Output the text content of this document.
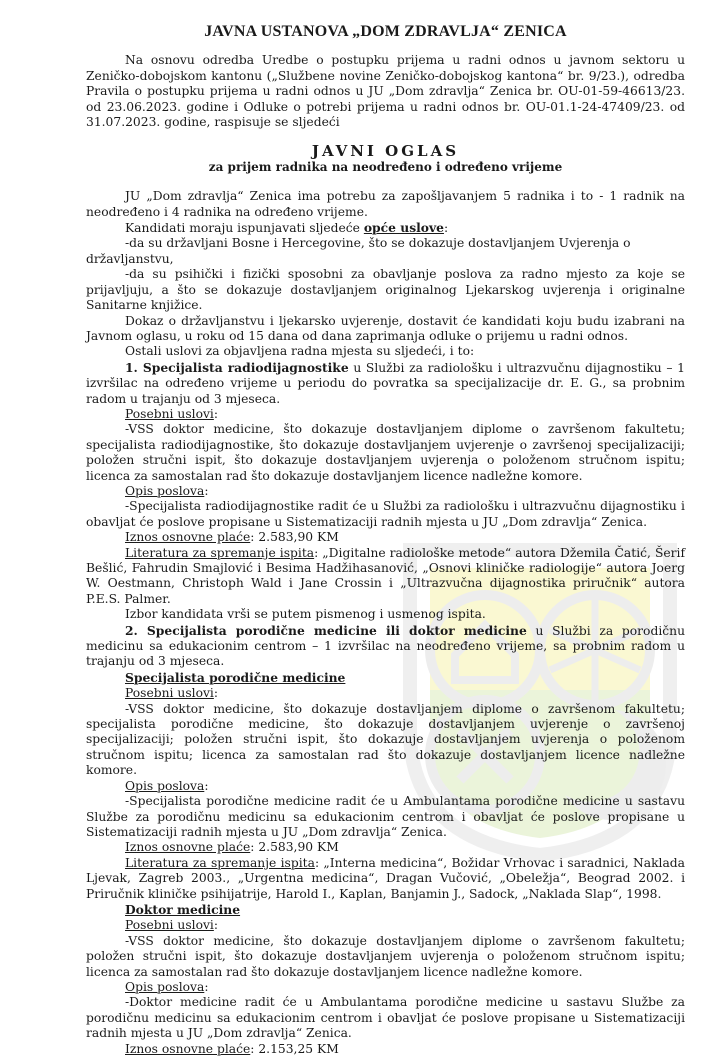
JAVNA USTANOVA „DOM ZDRAVLJA“ ZENICA

Na osnovu odredba Uredbe o postupku prijema u radni odnos u javnom sektoru u Zeničko-dobojskom kantonu („Službene novine Zeničko-dobojskog kantona“ br. 9/23.), odredba Pravila o postupku prijema u radni odnos u JU „Dom zdravlja“ Zenica br. OU-01-59-46613/23. od 23.06.2023. godine i Odluke o potrebi prijema u radni odnos br. OU-01.1-24-47409/23. od 31.07.2023. godine, raspisuje se sljedeći

JAVNI OGLAS
za prijem radnika na neodređeno i određeno vrijeme

JU „Dom zdravlja“ Zenica ima potrebu za zapošljavanjem 5 radnika i to - 1 radnik na neodređeno i 4 radnika na određeno vrijeme.

Kandidati moraju ispunjavati sljedeće opće uslove:

-da su državljani Bosne i Hercegovine, što se dokazuje dostavljanjem Uvjerenja o državljanstvu,

-da su psihički i fizički sposobni za obavljanje poslova za radno mjesto za koje se prijavljuju, a što se dokazuje dostavljanjem originalnog Ljekarskog uvjerenja i originalne Sanitarne knjižice.

Dokaz o državljanstvu i ljekarsko uvjerenje, dostavit će kandidati koju budu izabrani na Javnom oglasu, u roku od 15 dana od dana zaprimanja odluke o prijemu u radni odnos.

Ostali uslovi za objavljena radna mjesta su sljedeći, i to:

1. Specijalista radiodijagnostike u Službi za radiološku i ultrazvučnu dijagnostiku – 1 izvršilac na određeno vrijeme u periodu do povratka sa specijalizacije dr. E. G., sa probnim radom u trajanju od 3 mjeseca.

Posebni uslovi:

-VSS doktor medicine, što dokazuje dostavljanjem diplome o završenom fakultetu; specijalista radiodijagnostike, što dokazuje dostavljanjem uvjerenje o završenoj specijalizaciji; položen stručni ispit, što dokazuje dostavljanjem uvjerenja o položenom stručnom ispitu; licenca za samostalan rad što dokazuje dostavljanjem licence nadležne komore.

Opis poslova:

-Specijalista radiodijagnostike radit će u Službi za radiološku i ultrazvučnu dijagnostiku i obavljat će poslove propisane u Sistematizaciji radnih mjesta u JU „Dom zdravlja“ Zenica.

Iznos osnovne plaće: 2.583,90 KM

Literatura za spremanje ispita: „Digitalne radiološke metode“ autora Džemila Čatić, Šerif Bešlić, Fahrudin Smajlović i Besima Hadžihasanović, „Osnovi kliničke radiologije“ autora Joerg W. Oestmann, Christoph Wald i Jane Crossin i „Ultrazvučna dijagnostika priručnik“ autora P.E.S. Palmer.

Izbor kandidata vrši se putem pismenog i usmenog ispita.

2. Specijalista porodične medicine ili doktor medicine u Službi za porodičnu medicinu sa edukacionim centrom – 1 izvršilac na neodređeno vrijeme, sa probnim radom u trajanju od 3 mjeseca.

Specijalista porodične medicine

Posebni uslovi:

-VSS doktor medicine, što dokazuje dostavljanjem diplome o završenom fakultetu; specijalista porodične medicine, što dokazuje dostavljanjem uvjerenje o završenoj specijalizaciji; položen stručni ispit, što dokazuje dostavljanjem uvjerenja o položenom stručnom ispitu; licenca za samostalan rad što dokazuje dostavljanjem licence nadležne komore.

Opis poslova:

-Specijalista porodične medicine radit će u Ambulantama porodične medicine u sastavu Službe za porodičnu medicinu sa edukacionim centrom i obavljat će poslove propisane u Sistematizaciji radnih mjesta u JU „Dom zdravlja“ Zenica.

Iznos osnovne plaće: 2.583,90 KM

Literatura za spremanje ispita: „Interna medicina“, Božidar Vrhovac i saradnici, Naklada Ljevak, Zagreb 2003., „Urgentna medicina“, Dragan Vučović, „Obeležja“, Beograd 2002. i Priručnik kliničke psihijatrije, Harold I., Kaplan, Banjamin J., Sadock, „Naklada Slap“, 1998.

Doktor medicine

Posebni uslovi:

-VSS doktor medicine, što dokazuje dostavljanjem diplome o završenom fakultetu; položen stručni ispit, što dokazuje dostavljanjem uvjerenja o položenom stručnom ispitu; licenca za samostalan rad što dokazuje dostavljanjem licence nadležne komore.

Opis poslova:

-Doktor medicine radit će u Ambulantama porodične medicine u sastavu Službe za porodičnu medicinu sa edukacionim centrom i obavljat će poslove propisane u Sistematizaciji radnih mjesta u JU „Dom zdravlja“ Zenica.

Iznos osnovne plaće: 2.153,25 KM
